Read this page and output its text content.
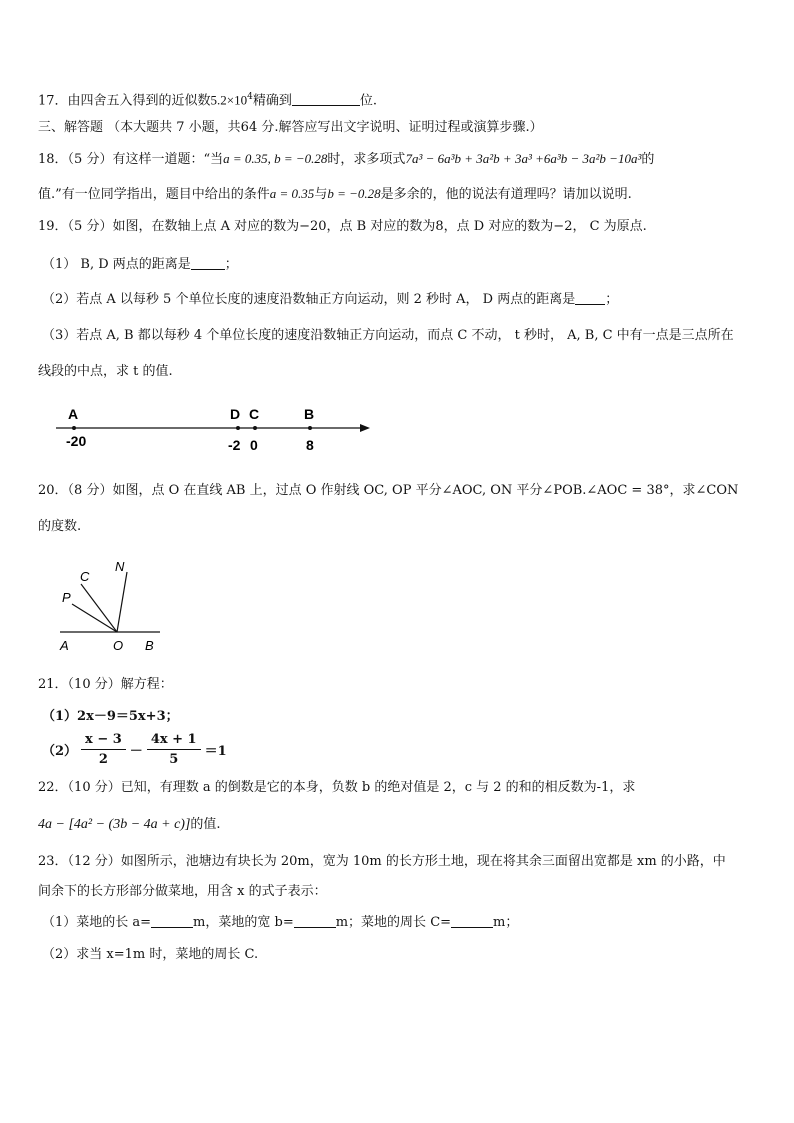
17．由四舍五入得到的近似数$5.2\times 10^4$精确到	位.
三、解答题 （本大题共 7 小题，共64 分.解答应写出文字说明、证明过程或演算步骤.）
18．（5 分）有这样一道题：“当a = 0.35, b = −0.28时，求多项式7a³ − 6a³b + 3a²b + 3a³ +6a³b − 3a²b −10a³的
值.”有一位同学指出，题目中给出的条件a = 0.35与b = −0.28是多余的，他的说法有道理吗？请加以说明.
19．（5 分）如图，在数轴上点 A 对应的数为−20，点 B 对应的数为8，点 D 对应的数为−2， C 为原点.
（1） B, D 两点的距离是	；
（2）若点 A 以每秒 5 个单位长度的速度沿数轴正方向运动，则 2 秒时 A， D 两点的距离是 ；
（3）若点 A, B 都以每秒 4 个单位长度的速度沿数轴正方向运动，而点 C 不动， t 秒时， A, B, C 中有一点是三点所在
线段的中点，求 t 的值.
A	D C	B
-20	-2 0	8
20．（8 分）如图，点 O 在直线 AB 上，过点 O 作射线 OC, OP 平分∠AOC, ON 平分∠POB.∠AOC = 38°，求∠CON
的度数.
N
C
P
A	O B
21．（10 分）解方程：
（1）2x－9＝5x+3；
$(2) \frac{x - 3}{2} - \frac{4x + 1}{5} =1$
22．（10 分）已知，有理数 a 的倒数是它的本身，负数 b 的绝对值是 2，c 与 2 的和的相反数为-1，求
4a − [4a² − (3b − 4a + c)]的值.
23．（12 分）如图所示，池塘边有块长为 20m，宽为 10m 的长方形土地，现在将其余三面留出宽都是 xm 的小路，中
间余下的长方形部分做菜地，用含 x 的式子表示：
（1）菜地的长 a=	m，菜地的宽 b=	m；菜地的周长 C=	m；
（2）求当 x=1m 时，菜地的周长 C.
